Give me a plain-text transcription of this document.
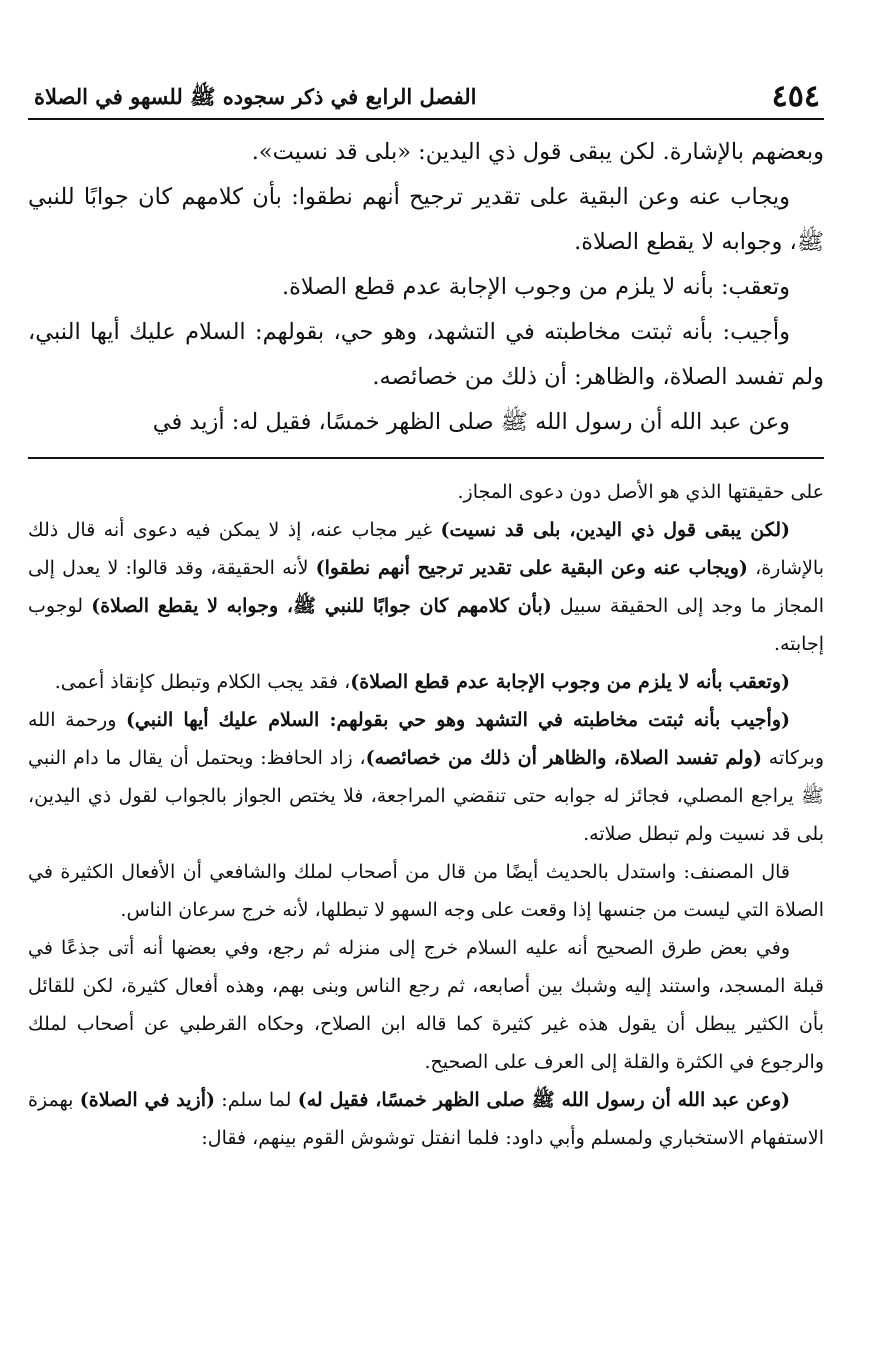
٤٥٤
الفصل الرابع في ذكر سجوده ﷺ للسهو في الصلاة

وبعضهم بالإشارة. لكن يبقى قول ذي اليدين: «بلى قد نسيت».

ويجاب عنه وعن البقية على تقدير ترجيح أنهم نطقوا: بأن كلامهم كان جوابًا للنبي ﷺ، وجوابه لا يقطع الصلاة.

وتعقب: بأنه لا يلزم من وجوب الإجابة عدم قطع الصلاة.

وأجيب: بأنه ثبتت مخاطبته في التشهد، وهو حي، بقولهم: السلام عليك أيها النبي، ولم تفسد الصلاة، والظاهر: أن ذلك من خصائصه.

وعن عبد الله أن رسول الله ﷺ صلى الظهر خمسًا، فقيل له: أزيد في

على حقيقتها الذي هو الأصل دون دعوى المجاز.

(لكن يبقى قول ذي اليدين، بلى قد نسيت) غير مجاب عنه، إذ لا يمكن فيه دعوى أنه قال ذلك بالإشارة، (ويجاب عنه وعن البقية على تقدير ترجيح أنهم نطقوا) لأنه الحقيقة، وقد قالوا: لا يعدل إلى المجاز ما وجد إلى الحقيقة سبيل (بأن كلامهم كان جوابًا للنبي ﷺ، وجوابه لا يقطع الصلاة) لوجوب إجابته.

(وتعقب بأنه لا يلزم من وجوب الإجابة عدم قطع الصلاة)، فقد يجب الكلام وتبطل كإنقاذ أعمى.

(وأجيب بأنه ثبتت مخاطبته في التشهد وهو حي بقولهم: السلام عليك أيها النبي) ورحمة الله وبركاته (ولم تفسد الصلاة، والظاهر أن ذلك من خصائصه)، زاد الحافظ: ويحتمل أن يقال ما دام النبي ﷺ يراجع المصلي، فجائز له جوابه حتى تنقضي المراجعة، فلا يختص الجواز بالجواب لقول ذي اليدين، بلى قد نسيت ولم تبطل صلاته.

قال المصنف: واستدل بالحديث أيضًا من قال من أصحاب لملك والشافعي أن الأفعال الكثيرة في الصلاة التي ليست من جنسها إذا وقعت على وجه السهو لا تبطلها، لأنه خرج سرعان الناس.

وفي بعض طرق الصحيح أنه عليه السلام خرج إلى منزله ثم رجع، وفي بعضها أنه أتى جذعًا في قبلة المسجد، واستند إليه وشبك بين أصابعه، ثم رجع الناس وبنى بهم، وهذه أفعال كثيرة، لكن للقائل بأن الكثير يبطل أن يقول هذه غير كثيرة كما قاله ابن الصلاح، وحكاه القرطبي عن أصحاب لملك والرجوع في الكثرة والقلة إلى العرف على الصحيح.

(وعن عبد الله أن رسول الله ﷺ صلى الظهر خمسًا، فقيل له) لما سلم: (أزيد في الصلاة) بهمزة الاستفهام الاستخباري ولمسلم وأبي داود: فلما انفتل توشوش القوم بينهم، فقال:
